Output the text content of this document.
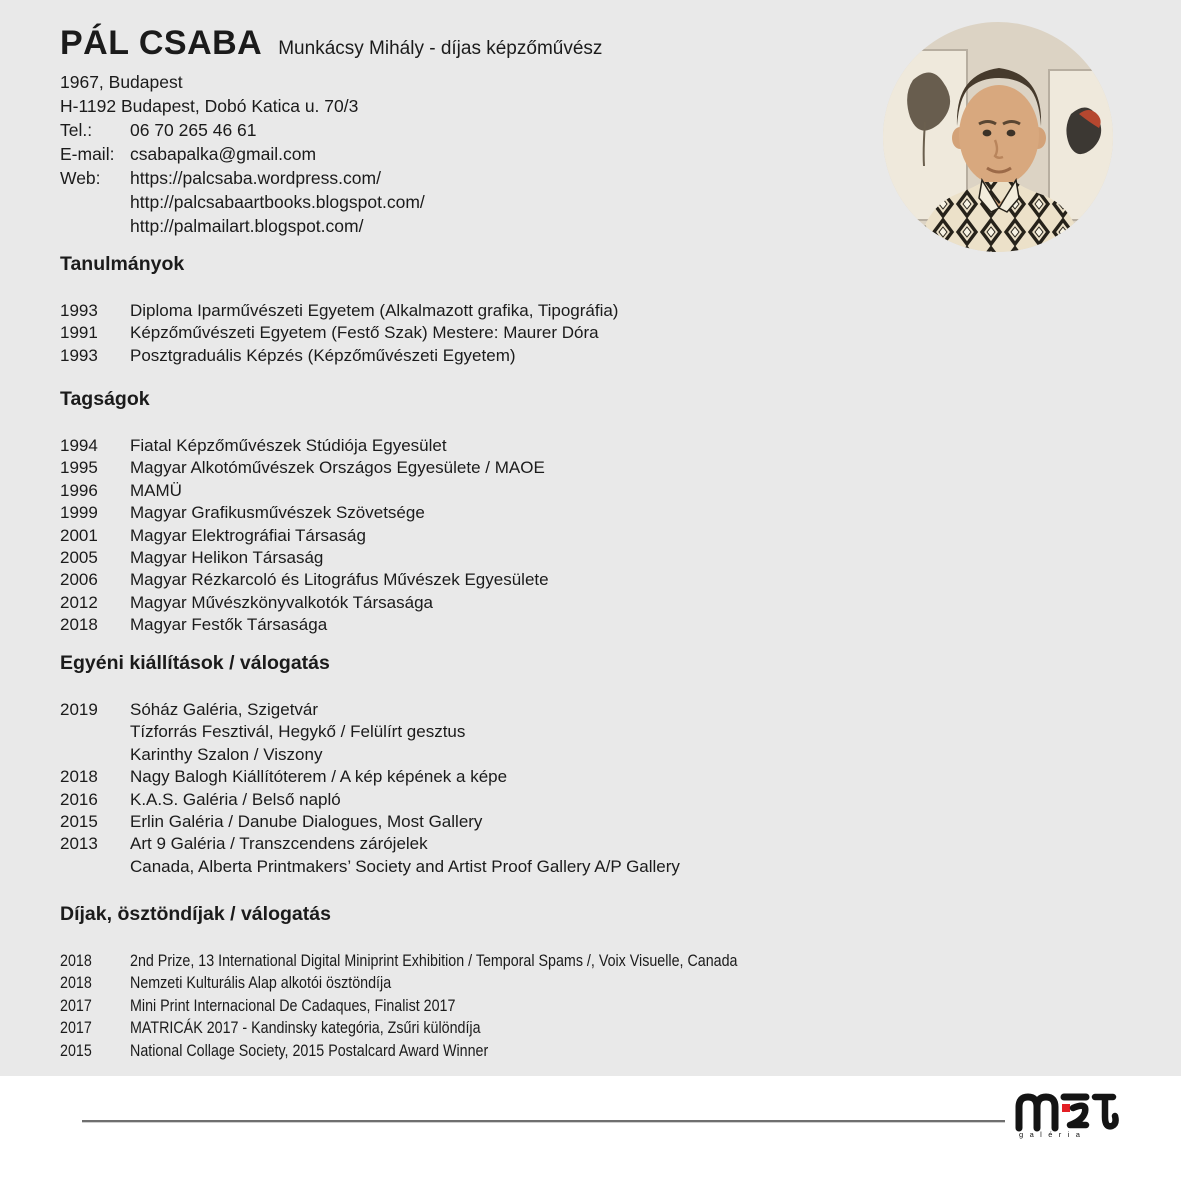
PÁL CSABA Munkácsy Mihály - díjas képzőművész
1967, Budapest
H-1192 Budapest, Dobó Katica u. 70/3
Tel.: 06 70 265 46 61
E-mail: csabapalka@gmail.com
Web: https://palcsaba.wordpress.com/
http://palcsabaartbooks.blogspot.com/
http://palmailart.blogspot.com/
Tanulmányok
1993	Diploma Iparművészeti Egyetem (Alkalmazott grafika, Tipográfia)
1991	Képzőművészeti Egyetem (Festő Szak) Mestere: Maurer Dóra
1993	Posztgraduális Képzés (Képzőművészeti Egyetem)
Tagságok
1994	Fiatal Képzőművészek Stúdiója Egyesület
1995	Magyar Alkotóművészek Országos Egyesülete / MAOE
1996	MAMÜ
1999	Magyar Grafikusművészek Szövetsége
2001	Magyar Elektrográfiai Társaság
2005	Magyar Helikon Társaság
2006	Magyar Rézkarcoló és Litográfus Művészek Egyesülete
2012	Magyar Művészkönyvalkotók Társasága
2018	Magyar Festők Társasága
Egyéni kiállítások / válogatás
2019	Sóház Galéria, Szigetvár
Tízforrás Fesztivál, Hegykő / Felülírt gesztus
Karinthy Szalon / Viszony
2018	Nagy Balogh Kiállítóterem / A kép képének a képe
2016	K.A.S. Galéria / Belső napló
2015	Erlin Galéria / Danube Dialogues, Most Gallery
2013	Art 9 Galéria / Transzcendens zárójelek
Canada, Alberta Printmakers’ Society and Artist Proof Gallery A/P Gallery
Díjak, ösztöndíjak / válogatás
2018	2nd Prize, 13 International Digital Miniprint Exhibition / Temporal Spams /, Voix Visuelle, Canada
2018	Nemzeti Kulturális Alap alkotói ösztöndíja
2017	Mini Print Internacional De Cadaques, Finalist 2017
2017	MATRICÁK 2017 - Kandinsky kategória, Zsűri különdíja
2015	National Collage Society, 2015 Postalcard Award Winner
galéria
